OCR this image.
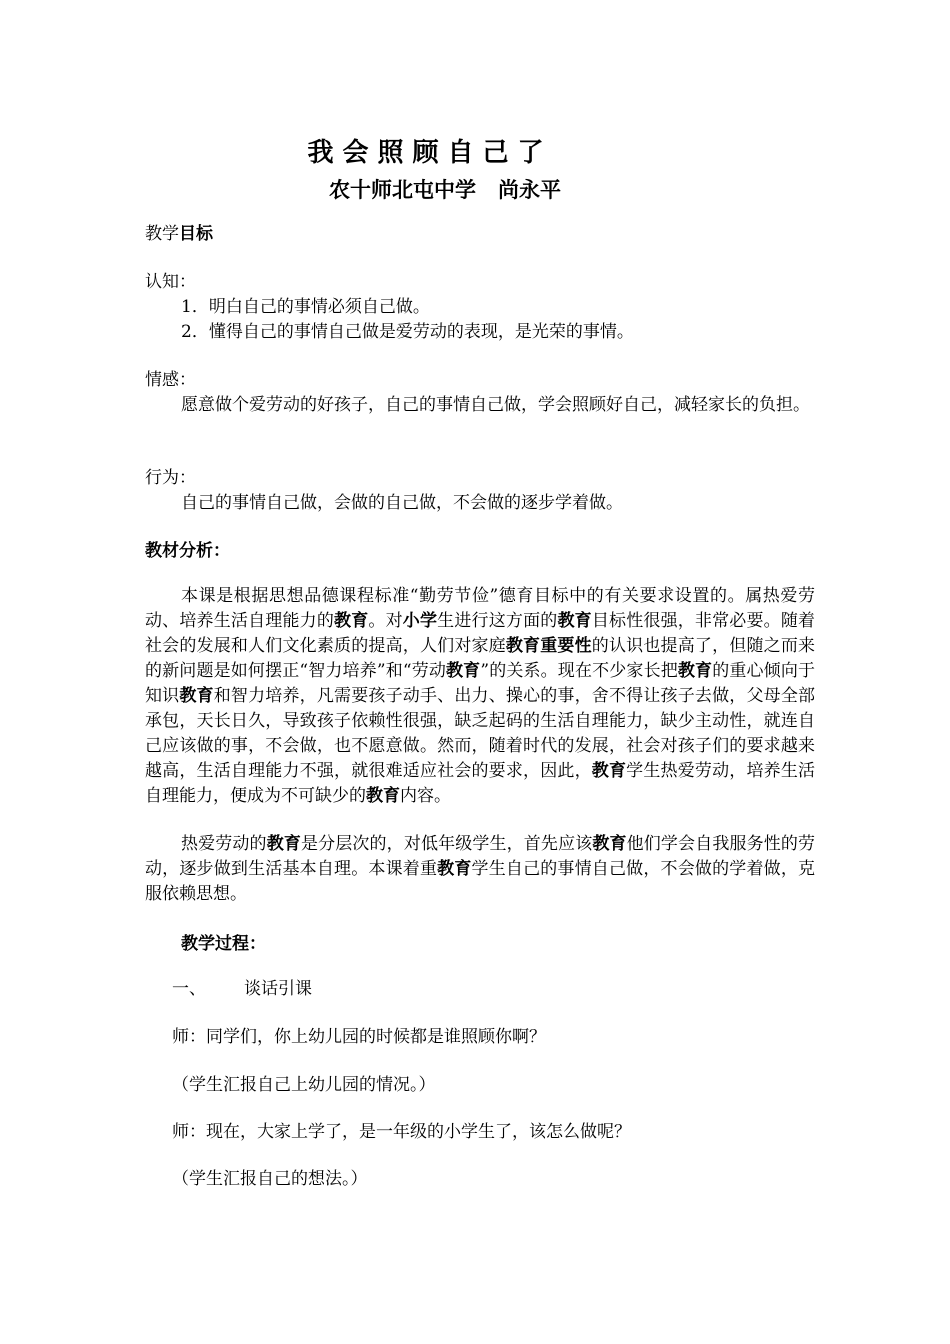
我会照顾自己了
农十师北屯中学   尚永平
教学目标
认知：
1．明白自己的事情必须自己做。
2．懂得自己的事情自己做是爱劳动的表现，是光荣的事情。
情感：
愿意做个爱劳动的好孩子，自己的事情自己做，学会照顾好自己，减轻家长的负担。
行为：
自己的事情自己做，会做的自己做，不会做的逐步学着做。
教材分析：
本课是根据思想品德课程标准“勤劳节俭”德育目标中的有关要求设置的。属热爱劳动、培养生活自理能力的教育。对小学生进行这方面的教育目标性很强，非常必要。随着社会的发展和人们文化素质的提高，人们对家庭教育重要性的认识也提高了，但随之而来的新问题是如何摆正“智力培养”和“劳动教育”的关系。现在不少家长把教育的重心倾向于知识教育和智力培养，凡需要孩子动手、出力、操心的事，舍不得让孩子去做，父母全部承包，天长日久，导致孩子依赖性很强，缺乏起码的生活自理能力，缺少主动性，就连自己应该做的事，不会做，也不愿意做。然而，随着时代的发展，社会对孩子们的要求越来越高，生活自理能力不强，就很难适应社会的要求，因此，教育学生热爱劳动，培养生活自理能力，便成为不可缺少的教育内容。
热爱劳动的教育是分层次的，对低年级学生，首先应该教育他们学会自我服务性的劳动，逐步做到生活基本自理。本课着重教育学生自己的事情自己做，不会做的学着做，克服依赖思想。
教学过程：
一、 谈话引课
师：同学们，你上幼儿园的时候都是谁照顾你啊？
（学生汇报自己上幼儿园的情况。）
师：现在，大家上学了，是一年级的小学生了，该怎么做呢？
（学生汇报自己的想法。）
